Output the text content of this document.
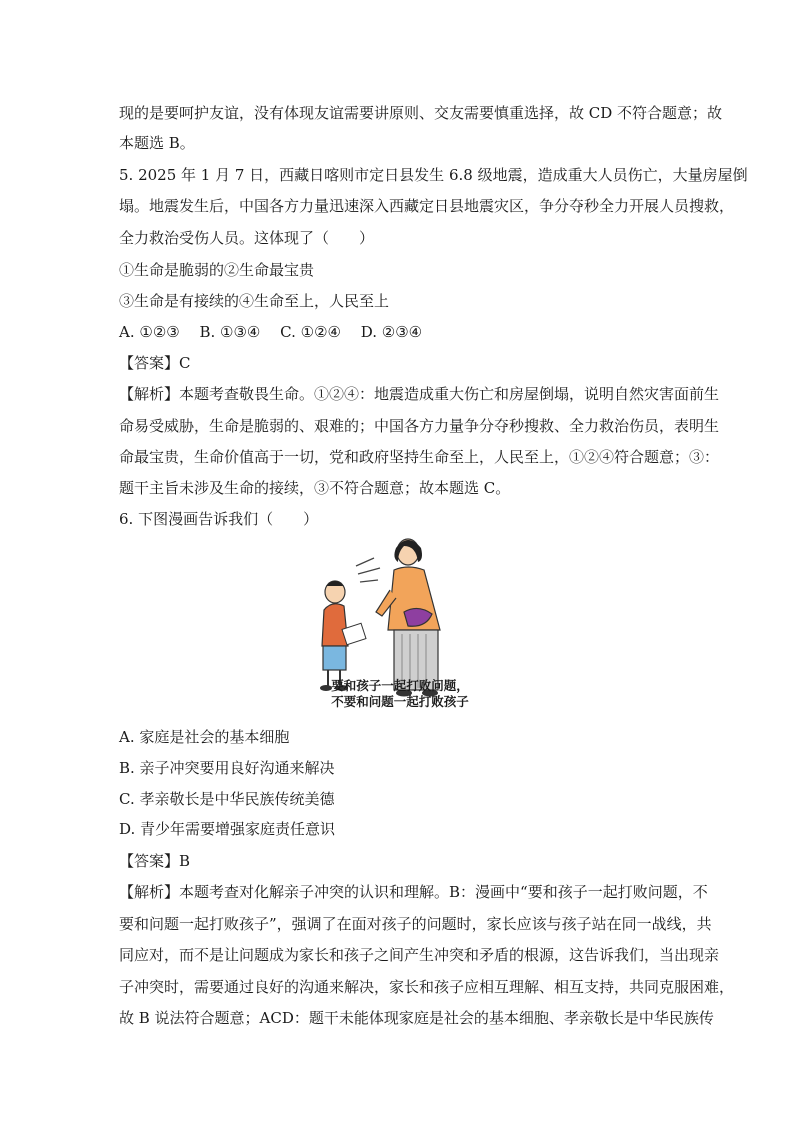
现的是要呵护友谊，没有体现友谊需要讲原则、交友需要慎重选择，故 CD 不符合题意；故
本题选 B。
5. 2025 年 1 月 7 日，西藏日喀则市定日县发生 6.8 级地震，造成重大人员伤亡，大量房屋倒
塌。地震发生后，中国各方力量迅速深入西藏定日县地震灾区，争分夺秒全力开展人员搜救，
全力救治受伤人员。这体现了（　　）
①生命是脆弱的②生命最宝贵
③生命是有接续的④生命至上，人民至上
A. ①②③　 B. ①③④　 C. ①②④　 D. ②③④
【答案】C
【解析】本题考查敬畏生命。①②④：地震造成重大伤亡和房屋倒塌，说明自然灾害面前生
命易受威胁，生命是脆弱的、艰难的；中国各方力量争分夺秒搜救、全力救治伤员，表明生
命最宝贵，生命价值高于一切，党和政府坚持生命至上，人民至上，①②④符合题意；③：
题干主旨未涉及生命的接续，③不符合题意；故本题选 C。
6. 下图漫画告诉我们（　　）
要和孩子一起打败问题，
不要和问题一起打败孩子
A. 家庭是社会的基本细胞
B. 亲子冲突要用良好沟通来解决
C. 孝亲敬长是中华民族传统美德
D. 青少年需要增强家庭责任意识
【答案】B
【解析】本题考查对化解亲子冲突的认识和理解。B：漫画中“要和孩子一起打败问题，不
要和问题一起打败孩子”，强调了在面对孩子的问题时，家长应该与孩子站在同一战线，共
同应对，而不是让问题成为家长和孩子之间产生冲突和矛盾的根源，这告诉我们，当出现亲
子冲突时，需要通过良好的沟通来解决，家长和孩子应相互理解、相互支持，共同克服困难，
故 B 说法符合题意；ACD：题干未能体现家庭是社会的基本细胞、孝亲敬长是中华民族传
